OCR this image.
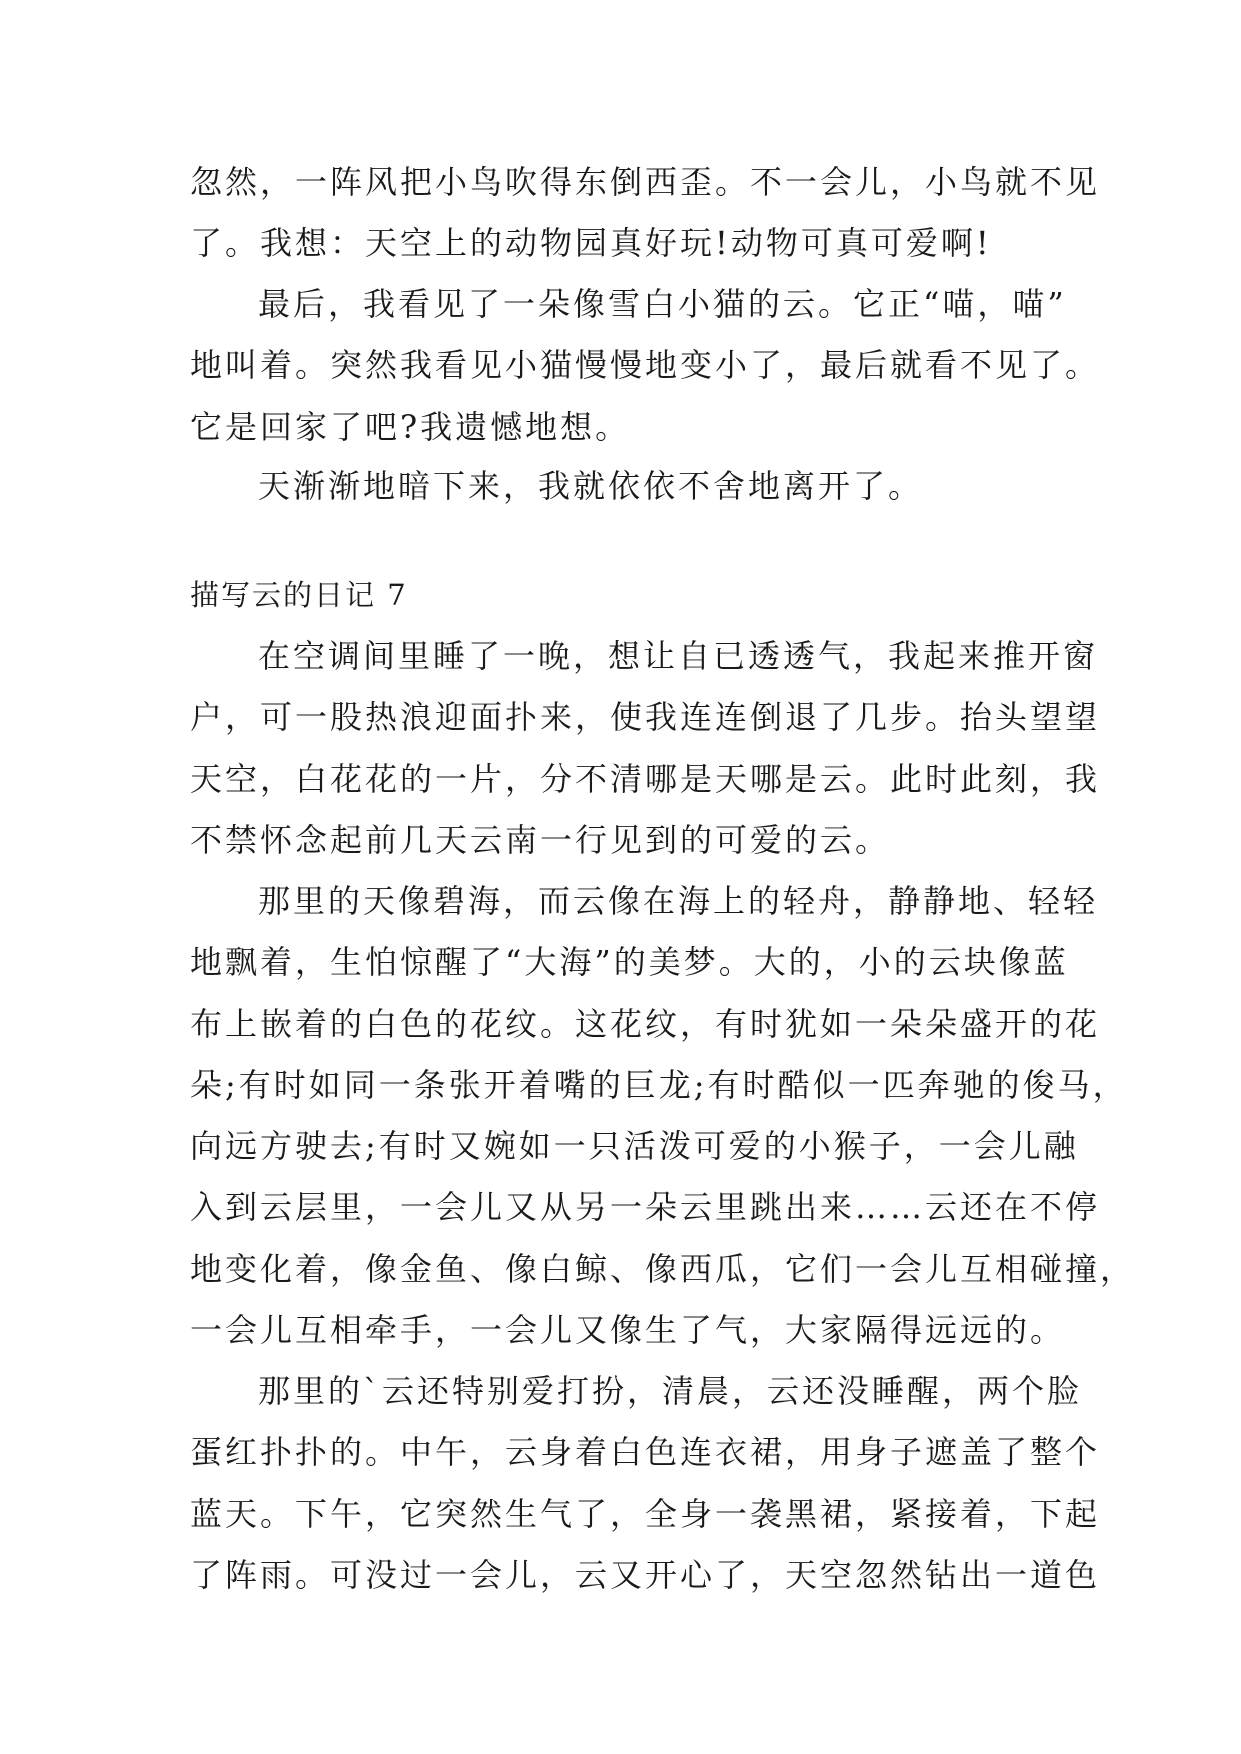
忽然，一阵风把小鸟吹得东倒西歪。不一会儿，小鸟就不见
了。我想：天空上的动物园真好玩!动物可真可爱啊!
最后，我看见了一朵像雪白小猫的云。它正“喵，喵”
地叫着。突然我看见小猫慢慢地变小了，最后就看不见了。
它是回家了吧?我遗憾地想。
天渐渐地暗下来，我就依依不舍地离开了。
描写云的日记 7
在空调间里睡了一晚，想让自已透透气，我起来推开窗
户，可一股热浪迎面扑来，使我连连倒退了几步。抬头望望
天空，白花花的一片，分不清哪是天哪是云。此时此刻，我
不禁怀念起前几天云南一行见到的可爱的云。
那里的天像碧海，而云像在海上的轻舟，静静地、轻轻
地飘着，生怕惊醒了“大海”的美梦。大的，小的云块像蓝
布上嵌着的白色的花纹。这花纹，有时犹如一朵朵盛开的花
朵;有时如同一条张开着嘴的巨龙;有时酷似一匹奔驰的俊马，
向远方驶去;有时又婉如一只活泼可爱的小猴子，一会儿融
入到云层里，一会儿又从另一朵云里跳出来……云还在不停
地变化着，像金鱼、像白鲸、像西瓜，它们一会儿互相碰撞，
一会儿互相牵手，一会儿又像生了气，大家隔得远远的。
那里的`云还特别爱打扮，清晨，云还没睡醒，两个脸
蛋红扑扑的。中午，云身着白色连衣裙，用身子遮盖了整个
蓝天。下午，它突然生气了，全身一袭黑裙，紧接着，下起
了阵雨。可没过一会儿，云又开心了，天空忽然钻出一道色
